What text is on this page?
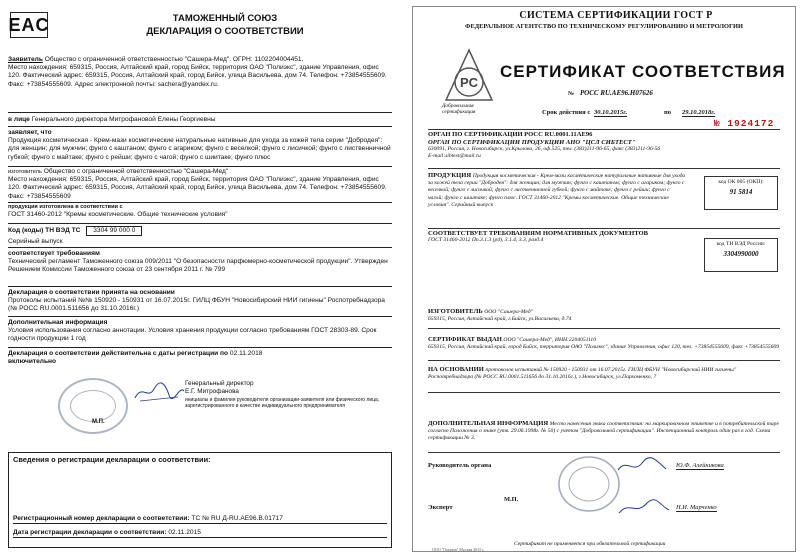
EAC	ТАМОЖЕННЫЙ СОЮЗ
ДЕКЛАРАЦИЯ О СООТВЕТСТВИИ
Заявитель Общество с ограниченной ответственностью "Сашера-Мед". ОГРН: 1102204004451.
Место нахождения: 659315, Россия, Алтайский край, город Бийск, территория ОАО "Полиэкс", здание Управления, офис 120. Фактический адрес: 659315, Россия, Алтайский край, город Бийск, улица Васильева, дом 74. Телефон: +73854555609. Факс: +73854555609. Адрес электронной почты: sachera@yandex.ru.
в лице Генерального директора Митрофановой Елены Георгиевны
заявляет, что
Продукция косметическая - Крем-мази косметические натуральные нативные для ухода за кожей тела серии "Добродея": для женщин; для мужчин; фунго с каштаном; фунго с агариком; фунго с веселкой; фунго с лисичкой; фунго с лиственничной губкой; фунго с майтаке; фунго с рейши; фунго с чагой; фунго с шиитаке; фунго плюс
изготовитель Общество с ограниченной ответственностью "Сашера-Мед"
Место нахождения: 659315, Россия, Алтайский край, город Бийск, территория ОАО "Полиэкс", здание Управления, офис 120. Фактический адрес: 659315, Россия, Алтайский край, город Бийск, улица Васильева, дом 74. Телефон: +73854555609. Факс: +73854555609
продукция изготовлена в соответствии с
ГОСТ 31460-2012 "Кремы косметические. Общие технические условия"
Код (коды) ТН ВЭД ТС 3304 99 000 0
Серийный выпуск
соответствует требованиям
Технический регламент Таможенного союза 009/2011 "О безопасности парфюмерно-косметической продукции". Утвержден Решением Комиссии Таможенного союза от 23 сентября 2011 г. № 799
Декларация о соответствии принята на основании
Протоколы испытаний №№ 150920 - 150931 от 16.07.2015г. ГИЛЦ ФБУН "Новосибирский НИИ гигиены" Роспотребнадзора (№ РОСС RU.0001.511656 до 31.10.2016г.)
Дополнительная информация
Условия использования согласно аннотации. Условия хранения продукции согласно требованиям ГОСТ 28303-89. Срок годности продукции 1 год
Декларация о соответствии действительна с даты регистрации по 02.11.2018
включительно
М.П.
Генеральный директор
Е.Г. Митрофанова
инициалы и фамилия руководителя организации-заявителя или физического лица, зарегистрированного в качестве индивидуального предпринимателя
Сведения о регистрации декларации о соответствии:
Регистрационный номер декларации о соответствии: ТС № RU Д-RU.АЕ96.В.01717
Дата регистрации декларации о соответствии: 02.11.2015
СИСТЕМА СЕРТИФИКАЦИИ ГОСТ Р
ФЕДЕРАЛЬНОЕ АГЕНТСТВО ПО ТЕХНИЧЕСКОМУ РЕГУЛИРОВАНИЮ И МЕТРОЛОГИИ
PC
Добровольная сертификация
СЕРТИФИКАТ СООТВЕТСТВИЯ
№ РОСС RU.АЕ96.Н07626
Срок действия с 30.10.2015г.	по 29.10.2018г.
№ 1924172
ОРГАН ПО СЕРТИФИКАЦИИ РОСС RU.0001.11АЕ96
ОРГАН ПО СЕРТИФИКАЦИИ ПРОДУКЦИИ АНО "ЦСЛ СИБТЕСТ"
630091, Россия, г. Новосибирск, ул.Крылова, 26, оф.525, тел. (383)211-96-65, факс (383)211-96-56
E-mail:sibtest@mail.ru
ПРОДУКЦИЯ Продукция косметическая - Крем-мази косметические натуральные нативные для ухода за кожей тела серии "Добродея": для женщин; для мужчин; фунго с каштаном; фунго с агариком; фунго с веселкой; фунго с лисичкой; фунго с лиственничной губкой; фунго с майтаке; фунго с рейши; фунго с чагой; фунго с шиитаке; фунго плюс. ГОСТ 31460-2012 "Кремы косметические. Общие технические условия". Серийный выпуск
код ОК 005 (ОКП):
91 5814
СООТВЕТСТВУЕТ ТРЕБОВАНИЯМ НОРМАТИВНЫХ ДОКУМЕНТОВ
ГОСТ 31460-2012 Пп.3.1.3 (р4), 3.1.4, 3.3, разд.4
код ТН ВЭД России:
3304990000
ИЗГОТОВИТЕЛЬ ООО "Сашера-Мед"
659315, Россия, Алтайский край, г.Бийск, ул.Васильева, д.74
СЕРТИФИКАТ ВЫДАН ООО "Сашера-Мед", ИНН:2204051110
659315, Россия, Алтайский край, город Бийск, территория ОАО "Полиэкс", здание Управления, офис 120, тел. +73854555609, факс +73854555609
НА ОСНОВАНИИ протоколов испытаний № 150920 - 150931 от 16.07.2015г. ГИЛЦ ФБУН "Новосибирский НИИ гигиены" Роспотребнадзора (№ РОСС RU.0001.511656 до 31.10.2016г.), г.Новосибирск, ул.Пархоменко, 7
ДОПОЛНИТЕЛЬНАЯ ИНФОРМАЦИЯ Место нанесения знака соответствия: на маркировочном этикетке и в потребительской таре согласно Положения о знаке (утв. 29.06.1998г. № 50) с учетом "Добровольной сертификации". Инспекционный контроль один раз в год. Схема сертификации № 3.
Руководитель органа	Ю.Ф. Алейникова
М.П.
Эксперт	Н.И. Марченко
Сертификат не применяется при обязательной сертификации
ООО "Опцион" Москва 2015 г.
